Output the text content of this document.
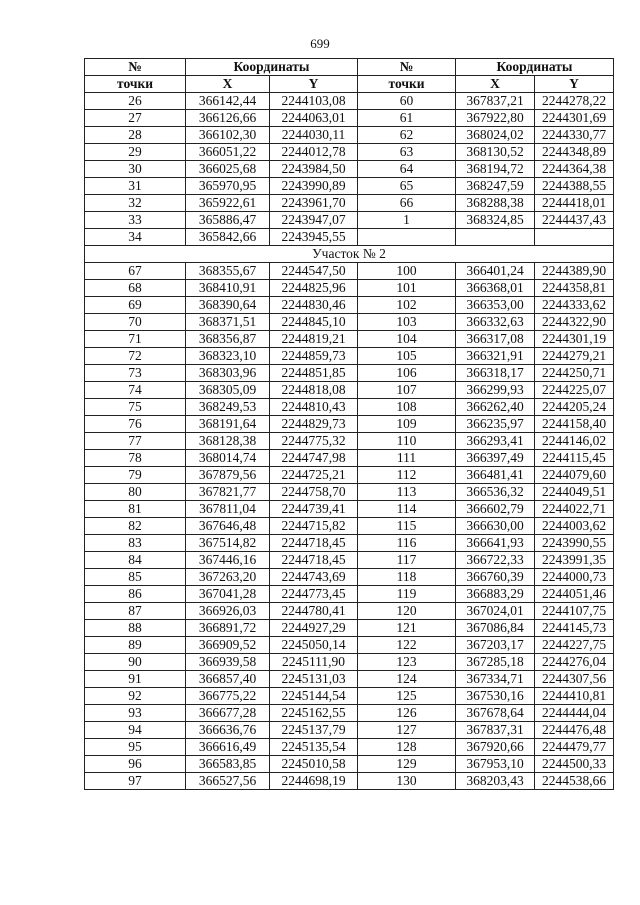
699
№	Координаты		№	Координаты	
точки	X	Y	точки	X	Y
26	366142,44	2244103,08	60	367837,21	2244278,22
27	366126,66	2244063,01	61	367922,80	2244301,69
28	366102,30	2244030,11	62	368024,02	2244330,77
29	366051,22	2244012,78	63	368130,52	2244348,89
30	366025,68	2243984,50	64	368194,72	2244364,38
31	365970,95	2243990,89	65	368247,59	2244388,55
32	365922,61	2243961,70	66	368288,38	2244418,01
33	365886,47	2243947,07	1	368324,85	2244437,43
34	365842,66	2243945,55			
Участок № 2					
67	368355,67	2244547,50	100	366401,24	2244389,90
68	368410,91	2244825,96	101	366368,01	2244358,81
69	368390,64	2244830,46	102	366353,00	2244333,62
70	368371,51	2244845,10	103	366332,63	2244322,90
71	368356,87	2244819,21	104	366317,08	2244301,19
72	368323,10	2244859,73	105	366321,91	2244279,21
73	368303,96	2244851,85	106	366318,17	2244250,71
74	368305,09	2244818,08	107	366299,93	2244225,07
75	368249,53	2244810,43	108	366262,40	2244205,24
76	368191,64	2244829,73	109	366235,97	2244158,40
77	368128,38	2244775,32	110	366293,41	2244146,02
78	368014,74	2244747,98	111	366397,49	2244115,45
79	367879,56	2244725,21	112	366481,41	2244079,60
80	367821,77	2244758,70	113	366536,32	2244049,51
81	367811,04	2244739,41	114	366602,79	2244022,71
82	367646,48	2244715,82	115	366630,00	2244003,62
83	367514,82	2244718,45	116	366641,93	2243990,55
84	367446,16	2244718,45	117	366722,33	2243991,35
85	367263,20	2244743,69	118	366760,39	2244000,73
86	367041,28	2244773,45	119	366883,29	2244051,46
87	366926,03	2244780,41	120	367024,01	2244107,75
88	366891,72	2244927,29	121	367086,84	2244145,73
89	366909,52	2245050,14	122	367203,17	2244227,75
90	366939,58	2245111,90	123	367285,18	2244276,04
91	366857,40	2245131,03	124	367334,71	2244307,56
92	366775,22	2245144,54	125	367530,16	2244410,81
93	366677,28	2245162,55	126	367678,64	2244444,04
94	366636,76	2245137,79	127	367837,31	2244476,48
95	366616,49	2245135,54	128	367920,66	2244479,77
96	366583,85	2245010,58	129	367953,10	2244500,33
97	366527,56	2244698,19	130	368203,43	2244538,66
